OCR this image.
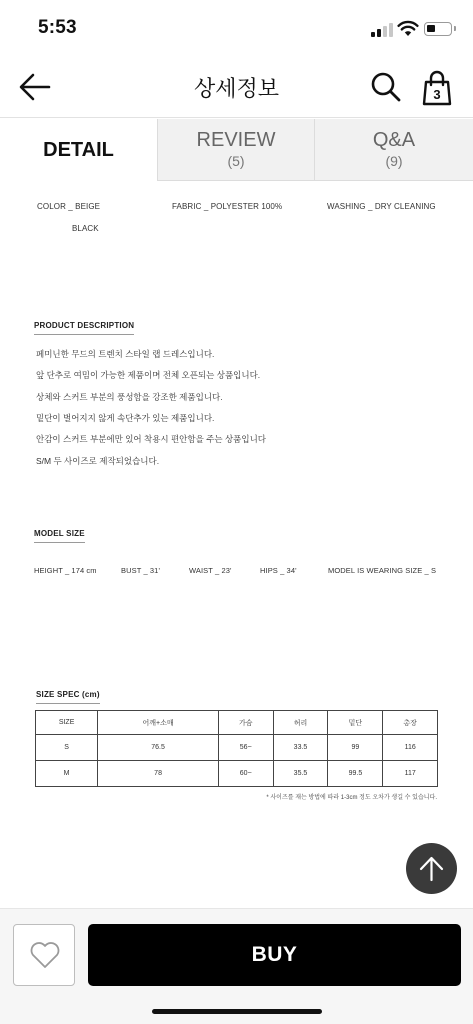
5:53
상세정보	3
DETAIL	REVIEW
(5)
Q&A
(9)
COLOR _ BEIGE
BLACK
FABRIC _ POLYESTER 100%	WASHING _ DRY CLEANING
PRODUCT DESCRIPTION
페미닌한 무드의 트렌치 스타일 랩 드레스입니다.
앞 단추로 여밈이 가능한 제품이며 전체 오픈되는 상품입니다.
상체와 스커트 부분의 풍성함을 강조한 제품입니다.
밑단이 벌어지지 않게 속단추가 있는 제품입니다.
안감이 스커트 부분에만 있어 착용시 편안함을 주는 상품입니다
S/M 두 사이즈로 제작되었습니다.
MODEL SIZE
HEIGHT _ 174 cm	BUST _ 31'	WAIST _ 23'	HIPS _ 34'	MODEL IS WEARING SIZE _ S
SIZE SPEC (cm)
SIZE	어깨+소매	가슴	허리	밑단	총장
S	76.5	56~	33.5	99	116
M	78	60~	35.5	99.5	117
* 사이즈를 재는 방법에 따라 1-3cm 정도 오차가 생길 수 있습니다.
BUY
